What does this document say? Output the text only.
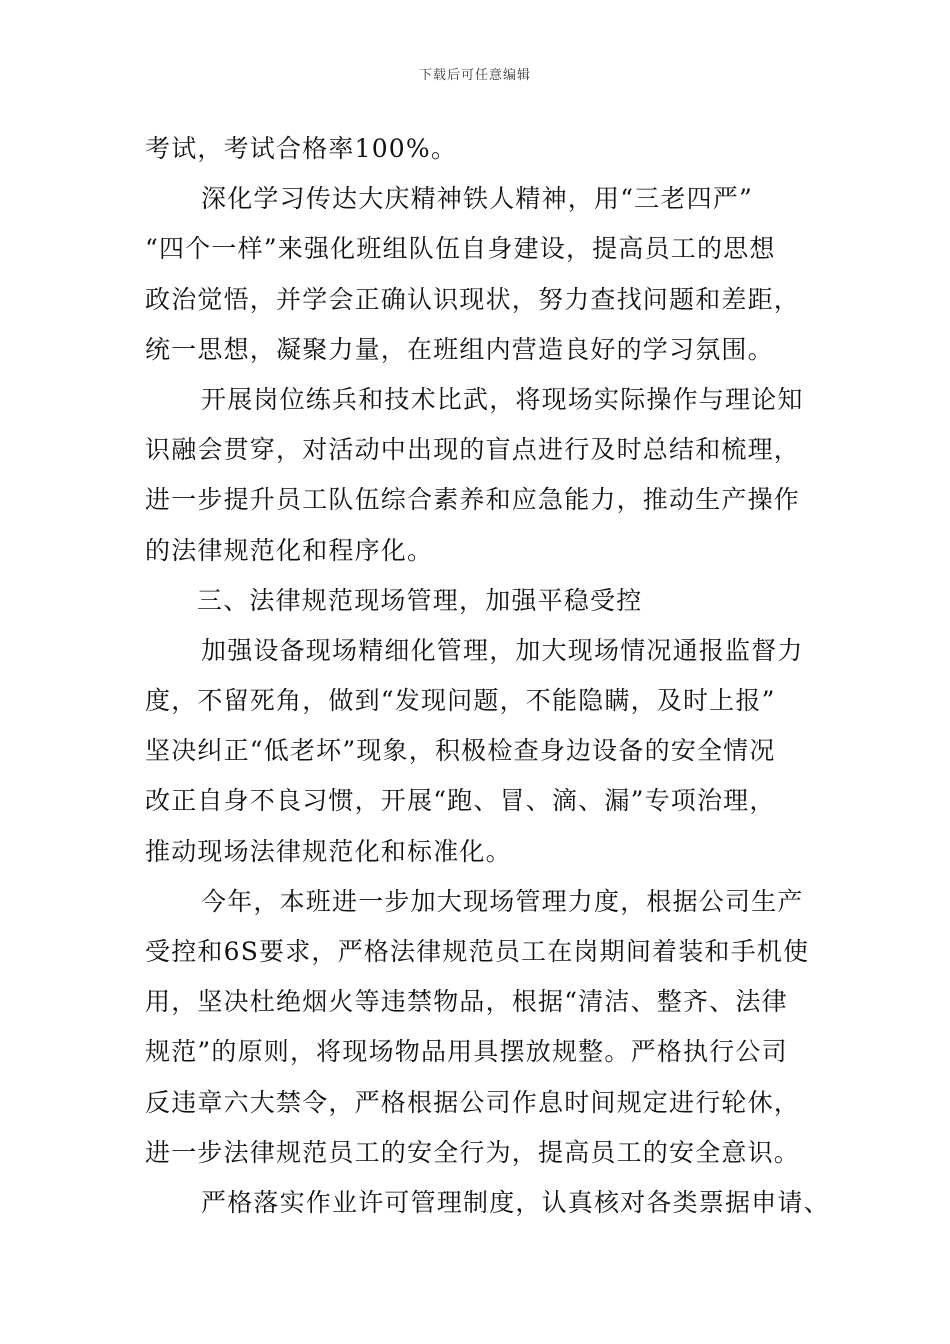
下载后可任意编辑
考试，考试合格率100%。
深化学习传达大庆精神铁人精神，用“三老四严”
“四个一样”来强化班组队伍自身建设，提高员工的思想
政治觉悟，并学会正确认识现状，努力查找问题和差距，
统一思想，凝聚力量，在班组内营造良好的学习氛围。
开展岗位练兵和技术比武，将现场实际操作与理论知
识融会贯穿，对活动中出现的盲点进行及时总结和梳理，
进一步提升员工队伍综合素养和应急能力，推动生产操作
的法律规范化和程序化。
三、法律规范现场管理，加强平稳受控
加强设备现场精细化管理，加大现场情况通报监督力
度，不留死角，做到“发现问题，不能隐瞒，及时上报”
坚决纠正“低老坏”现象，积极检查身边设备的安全情况
改正自身不良习惯，开展“跑、冒、滴、漏”专项治理，
推动现场法律规范化和标准化。
今年，本班进一步加大现场管理力度，根据公司生产
受控和6S要求，严格法律规范员工在岗期间着装和手机使
用，坚决杜绝烟火等违禁物品，根据“清洁、整齐、法律
规范”的原则，将现场物品用具摆放规整。严格执行公司
反违章六大禁令，严格根据公司作息时间规定进行轮休，
进一步法律规范员工的安全行为，提高员工的安全意识。
严格落实作业许可管理制度，认真核对各类票据申请、
